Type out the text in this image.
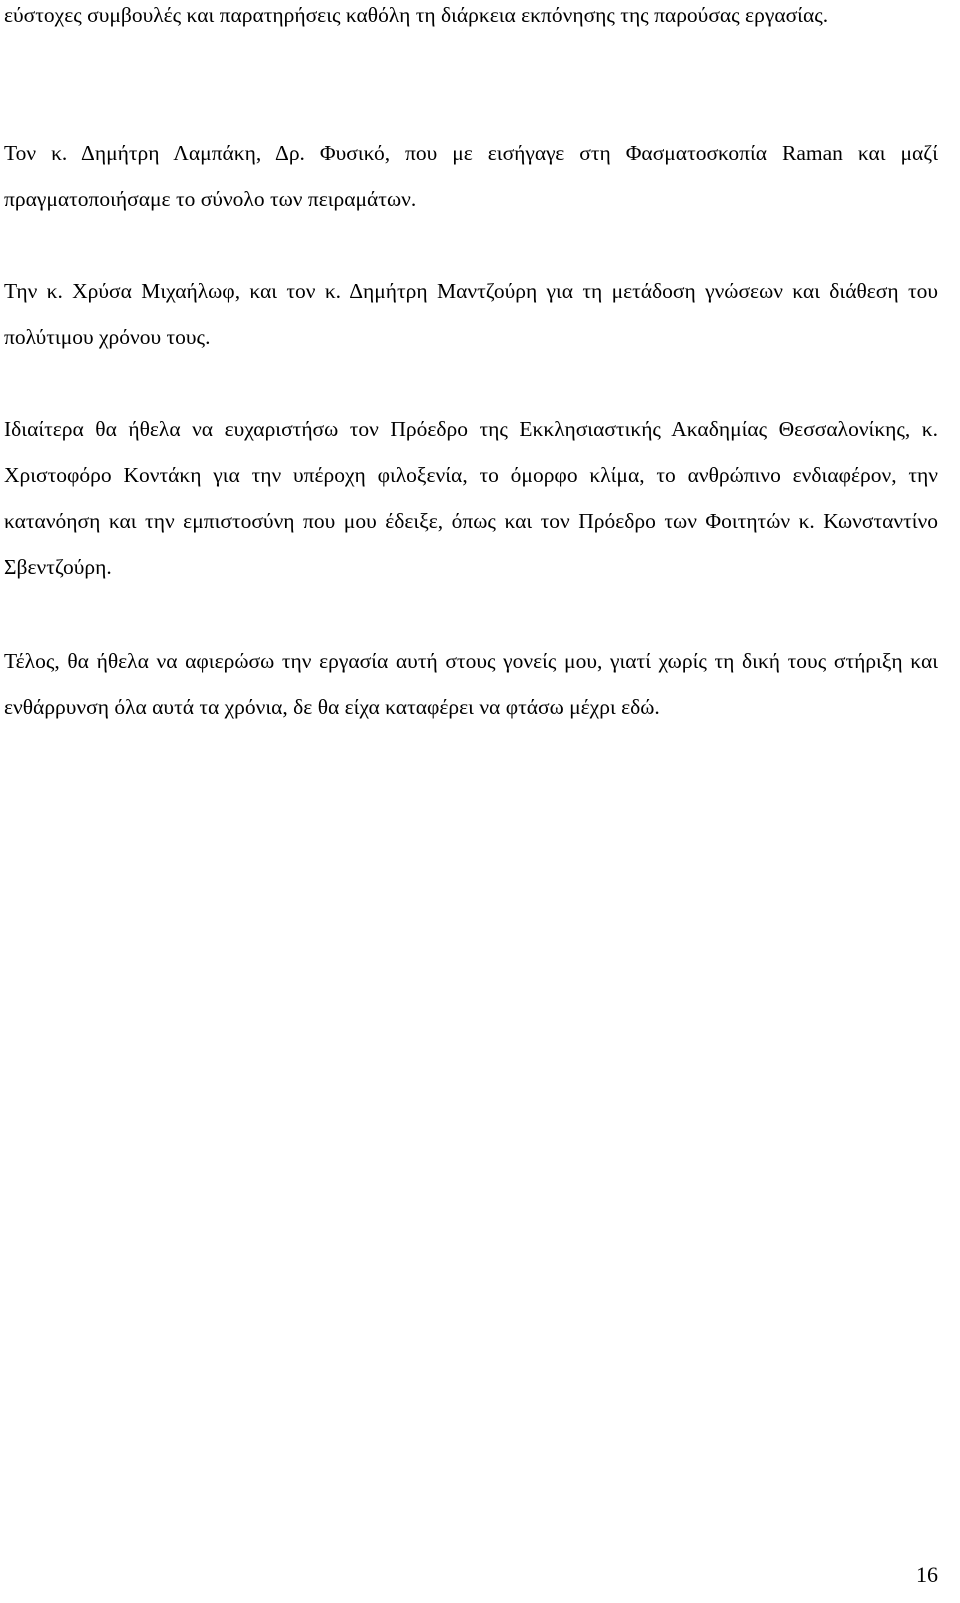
εύστοχες συμβουλές και παρατηρήσεις καθόλη τη διάρκεια εκπόνησης της παρούσας εργασίας.

Τον κ. Δημήτρη Λαμπάκη, Δρ. Φυσικό, που με εισήγαγε στη Φασματοσκοπία Raman και μαζί πραγματοποιήσαμε το σύνολο των πειραμάτων.

Την κ. Χρύσα Μιχαήλωφ, και τον κ. Δημήτρη Μαντζούρη για τη μετάδοση γνώσεων και διάθεση του πολύτιμου χρόνου τους.

Ιδιαίτερα θα ήθελα να ευχαριστήσω τον Πρόεδρο της Εκκλησιαστικής Ακαδημίας Θεσσαλονίκης, κ. Χριστοφόρο Κοντάκη για την υπέροχη φιλοξενία, το όμορφο κλίμα, το ανθρώπινο ενδιαφέρον, την κατανόηση και την εμπιστοσύνη που μου έδειξε, όπως και τον Πρόεδρο των Φοιτητών κ. Κωνσταντίνο Σβεντζούρη.

Τέλος, θα ήθελα να αφιερώσω την εργασία αυτή στους γονείς μου, γιατί χωρίς τη δική τους στήριξη και ενθάρρυνση όλα αυτά τα χρόνια, δε θα είχα καταφέρει να φτάσω μέχρι εδώ.

16
